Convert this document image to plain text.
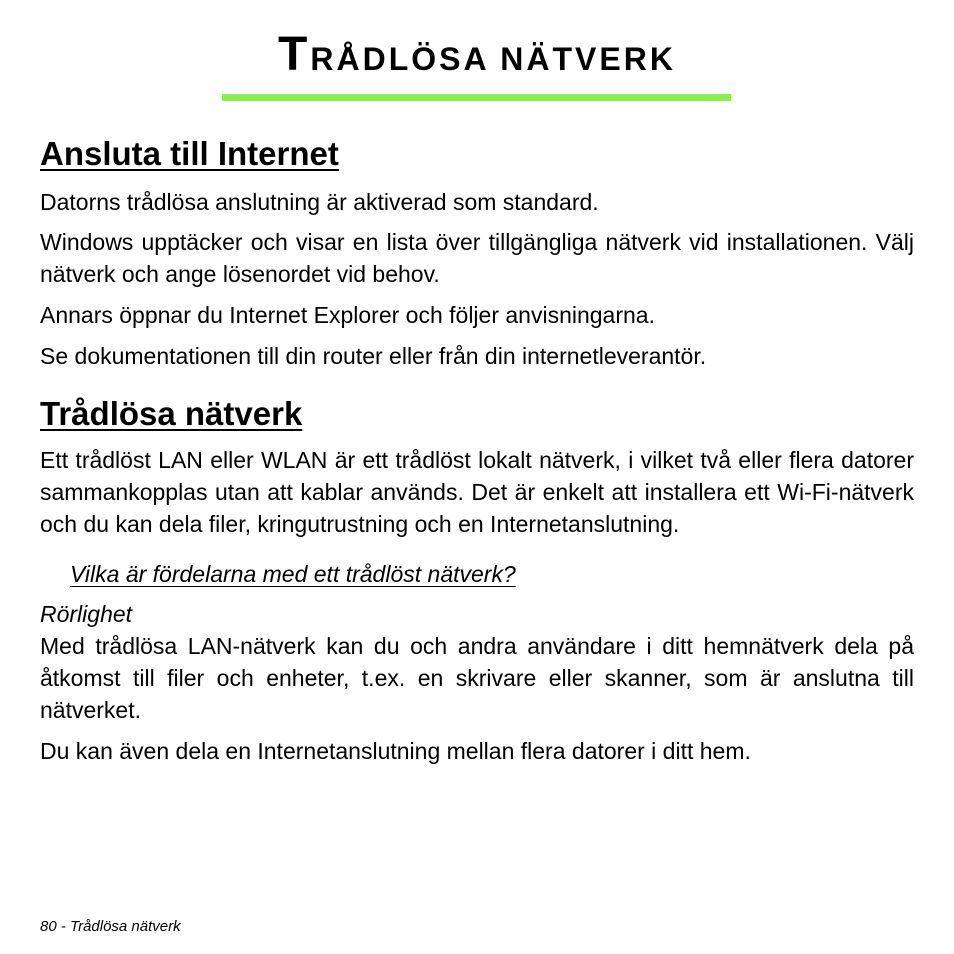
TRÅDLÖSA NÄTVERK
Ansluta till Internet

Datorns trådlösa anslutning är aktiverad som standard.

Windows upptäcker och visar en lista över tillgängliga nätverk vid installationen. Välj nätverk och ange lösenordet vid behov.

Annars öppnar du Internet Explorer och följer anvisningarna.

Se dokumentationen till din router eller från din internetleverantör.

Trådlösa nätverk

Ett trådlöst LAN eller WLAN är ett trådlöst lokalt nätverk, i vilket två eller flera datorer sammankopplas utan att kablar används. Det är enkelt att installera ett Wi-Fi-nätverk och du kan dela filer, kringutrustning och en Internetanslutning.

Vilka är fördelarna med ett trådlöst nätverk?
Rörlighet

Med trådlösa LAN-nätverk kan du och andra användare i ditt hemnätverk dela på åtkomst till filer och enheter, t.ex. en skrivare eller skanner, som är anslutna till nätverket.

Du kan även dela en Internetanslutning mellan flera datorer i ditt hem.

80 - Trådlösa nätverk
